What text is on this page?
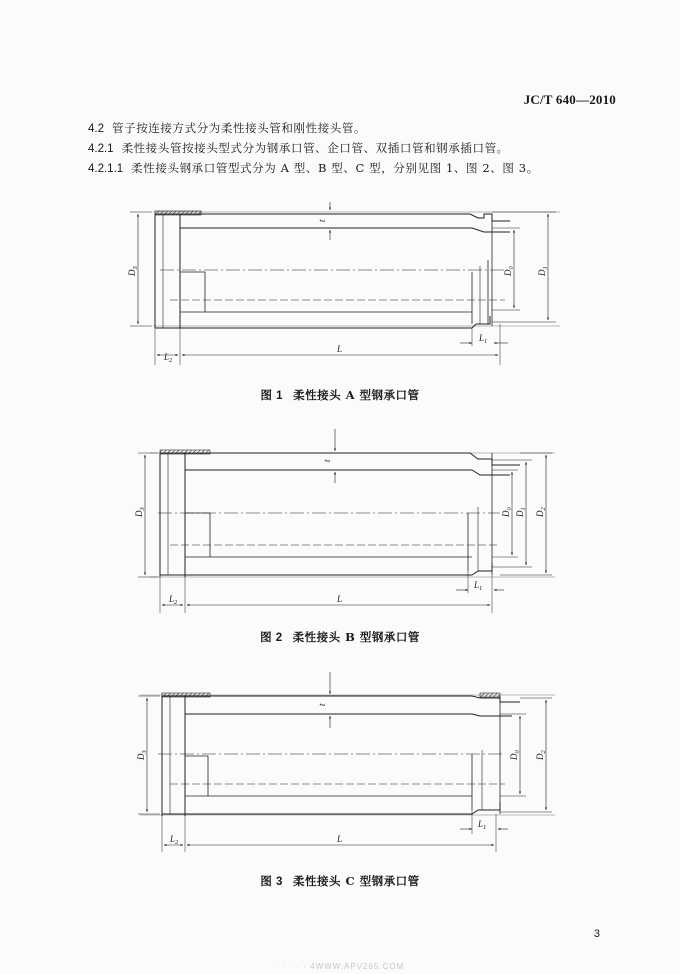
JC/T 640—2010
4.2 管子按连接方式分为柔性接头管和刚性接头管。
4.2.1 柔性接头管按接头型式分为钢承口管、企口管、双插口管和钢承插口管。
4.2.1.1 柔性接头钢承口管型式分为 A 型、B 型、C 型，分别见图 1、图 2、图 3。
t
$D_3$
$D_0$
$D_1$
$L_2$
L
$L_1$
图 1 柔性接头 A 型钢承口管
t
$D_3$
$D_0$
$D_1$
$D_2$
$L_2$	L
$L_1$
图 2 柔性接头 B 型钢承口管
t
$D_3$
$D_0$
$D_2$
$L_2$	L
$L_1$
图 3 柔性接头 C 型钢承口管
3
· · · · · 4WWW.APV265.COM
